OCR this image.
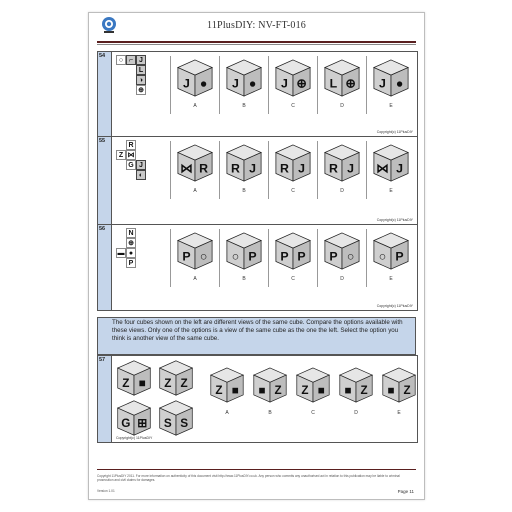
11PlusDIY: NV-FT-016
54
○ ⌐ J
L
◑
⊕	J ●
A
J ●
B
J ⊕
C
L ⊕
D
J ●
E
Copyright(c) 11PlusDIY
55
R
Z ⋈
G J
◐	⋈ R
A
R J
B
R J
C
R J
D
⋈ J
E
Copyright(c) 11PlusDIY
56
N
⊕
▬ ●
P	P ○
A
○ P
B
P P
C
P ○
D
○ P
E
Copyright(c) 11PlusDIY
The four cubes shown on the left are different views of the same cube. Compare the options available with these views. Only one of the options is a view of the same cube as the one the left. Select the option you think is another view of the same cube.
57
Z ■ Z Z
G ⊞ S S
Z ■
A
■ Z
B
Z ■
C
■ Z
D
■ Z
E
Copyright(c) 11PlusDIY
Copyright 11PlusDIY 2011. For more information on authenticity of this document visit http://www.11PlusDIY.co.uk. Any person who commits any unauthorised act in relation to this publication may be liable to criminal prosecution and civil claims for damages.
Version 1.01	Page 11
